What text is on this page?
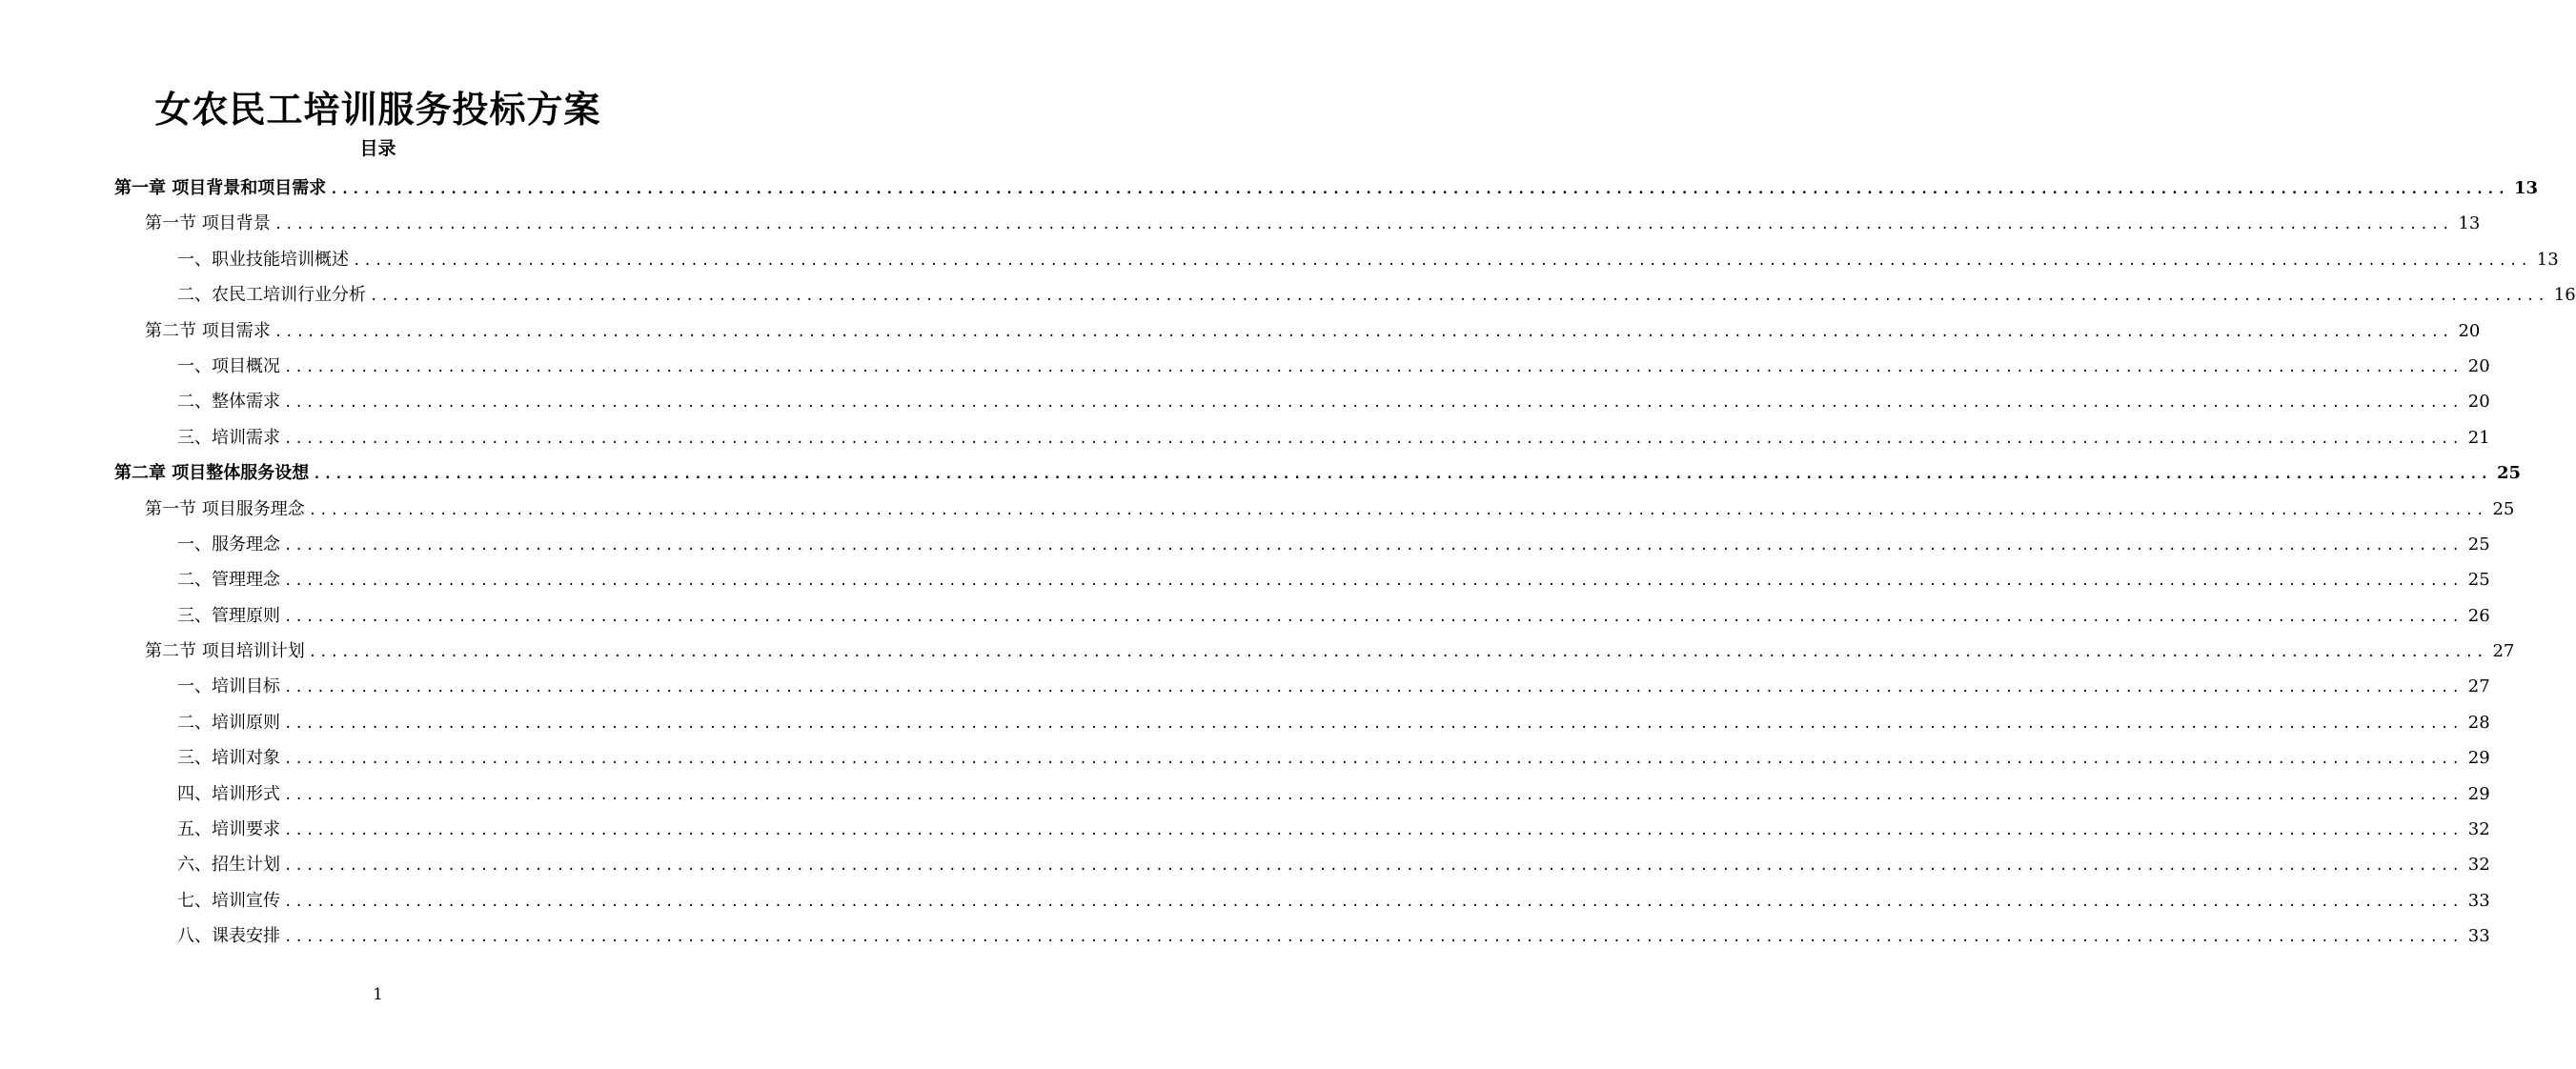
女农民工培训服务投标方案
目录
第一章 项目背景和项目需求 ........................................................................................................................................................................................................ 13
第一节 项目背景 ........................................................................................................................................................................................................ 13
一、职业技能培训概述 ........................................................................................................................................................................................................ 13
二、农民工培训行业分析 ........................................................................................................................................................................................................ 16
第二节 项目需求 ........................................................................................................................................................................................................ 20
一、项目概况 ........................................................................................................................................................................................................ 20
二、整体需求 ........................................................................................................................................................................................................ 20
三、培训需求 ........................................................................................................................................................................................................ 21
第二章 项目整体服务设想 ........................................................................................................................................................................................................ 25
第一节 项目服务理念 ........................................................................................................................................................................................................ 25
一、服务理念 ........................................................................................................................................................................................................ 25
二、管理理念 ........................................................................................................................................................................................................ 25
三、管理原则 ........................................................................................................................................................................................................ 26
第二节 项目培训计划 ........................................................................................................................................................................................................ 27
一、培训目标 ........................................................................................................................................................................................................ 27
二、培训原则 ........................................................................................................................................................................................................ 28
三、培训对象 ........................................................................................................................................................................................................ 29
四、培训形式 ........................................................................................................................................................................................................ 29
五、培训要求 ........................................................................................................................................................................................................ 32
六、招生计划 ........................................................................................................................................................................................................ 32
七、培训宣传 ........................................................................................................................................................................................................ 33
八、课表安排 ........................................................................................................................................................................................................ 33
1
